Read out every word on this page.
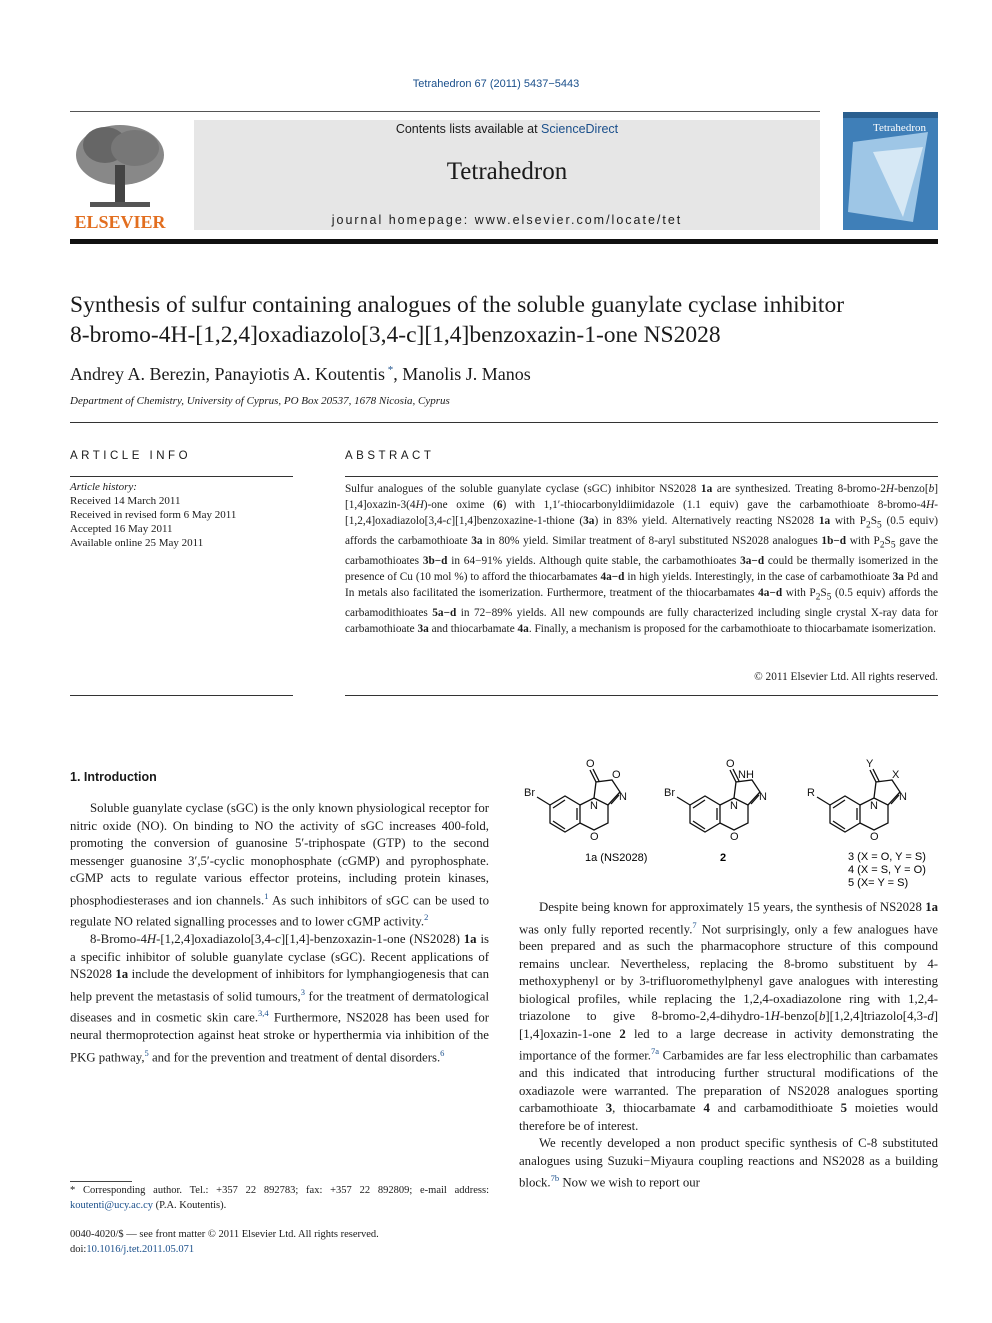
Tetrahedron 67 (2011) 5437−5443
ELSEVIER
Contents lists available at ScienceDirect
Tetrahedron
journal homepage: www.elsevier.com/locate/tet
Tetrahedron
Synthesis of sulfur containing analogues of the soluble guanylate cyclase inhibitor
8-bromo-4H-[1,2,4]oxadiazolo[3,4-c][1,4]benzoxazin-1-one NS2028
Andrey A. Berezin, Panayiotis A. Koutentis *, Manolis J. Manos
Department of Chemistry, University of Cyprus, PO Box 20537, 1678 Nicosia, Cyprus
ARTICLE INFO
Article history:
Received 14 March 2011
Received in revised form 6 May 2011
Accepted 16 May 2011
Available online 25 May 2011
ABSTRACT
Sulfur analogues of the soluble guanylate cyclase (sGC) inhibitor NS2028 1a are synthesized. Treating 8-bromo-2H-benzo[b][1,4]oxazin-3(4H)-one oxime (6) with 1,1′-thiocarbonyldiimidazole (1.1 equiv) gave the carbamothioate 8-bromo-4H-[1,2,4]oxadiazolo[3,4-c][1,4]benzoxazine-1-thione (3a) in 83% yield. Alternatively reacting NS2028 1a with $P_2S_5$ (0.5 equiv) affords the carbamothioate 3a in 80% yield. Similar treatment of 8-aryl substituted NS2028 analogues 1b−d with $P_2S_5$ gave the carbamothioates 3b−d in 64−91% yields. Although quite stable, the carbamothioates 3a−d could be thermally isomerized in the presence of Cu (10 mol %) to afford the thiocarbamates 4a−d in high yields. Interestingly, in the case of carbamothioate 3a Pd and In metals also facilitated the isomerization. Furthermore, treatment of the thiocarbamates 4a−d with $P_2S_5$ (0.5 equiv) affords the carbamodithioates 5a−d in 72−89% yields. All new compounds are fully characterized including single crystal X-ray data for carbamothioate 3a and thiocarbamate 4a. Finally, a mechanism is proposed for the carbamothioate to thiocarbamate isomerization.
© 2011 Elsevier Ltd. All rights reserved.
1. Introduction

Soluble guanylate cyclase (sGC) is the only known physiological receptor for nitric oxide (NO). On binding to NO the activity of sGC increases 400-fold, promoting the conversion of guanosine 5′-triphospate (GTP) to the second messenger guanosine 3′,5′-cyclic monophosphate (cGMP) and pyrophosphate. cGMP acts to regulate various effector proteins, including protein kinases, phosphodiesterases and ion channels.$^1$ As such inhibitors of sGC can be used to regulate NO related signalling processes and to lower cGMP activity.$^2$

8-Bromo-4H-[1,2,4]oxadiazolo[3,4-c][1,4]-benzoxazin-1-one (NS2028) 1a is a specific inhibitor of soluble guanylate cyclase (sGC). Recent applications of NS2028 1a include the development of inhibitors for lymphangiogenesis that can help prevent the metastasis of solid tumours,$^3$ for the treatment of dermatological diseases and in cosmetic skin care.$^{3,4}$ Furthermore, NS2028 has been used for neural thermoprotection against heat stroke or hyperthermia via inhibition of the PKG pathway,$^5$ and for the prevention and treatment of dental disorders.$^6$

Br
O
O
N
N
O
Br
O
NH
N
N
O
R
Y
X
N
N
O
1a (NS2028)	2	3 (X = O, Y = S)
4 (X = S, Y = O)
5 (X= Y = S)

Despite being known for approximately 15 years, the synthesis of NS2028 1a was only fully reported recently.$^7$ Not surprisingly, only a few analogues have been prepared and as such the pharmacophore structure of this compound remains unclear. Nevertheless, replacing the 8-bromo substituent by 4-methoxyphenyl or by 3-trifluoromethylphenyl gave analogues with interesting biological profiles, while replacing the 1,2,4-oxadiazolone ring with 1,2,4-triazolone to give 8-bromo-2,4-dihydro-1H-benzo[b][1,2,4]triazolo[4,3-d][1,4]oxazin-1-one 2 led to a large decrease in activity demonstrating the importance of the former.$^{7a}$ Carbamides are far less electrophilic than carbamates and this indicated that introducing further structural modifications of the oxadiazole were warranted. The preparation of NS2028 analogues sporting carbamothioate 3, thiocarbamate 4 and carbamodithioate 5 moieties would therefore be of interest.

We recently developed a non product specific synthesis of C-8 substituted analogues using Suzuki−Miyaura coupling reactions and NS2028 as a building block.$^{7b}$ Now we wish to report our

* Corresponding author. Tel.: +357 22 892783; fax: +357 22 892809; e-mail address: koutenti@ucy.ac.cy (P.A. Koutentis).
0040-4020/$ — see front matter © 2011 Elsevier Ltd. All rights reserved.
doi:10.1016/j.tet.2011.05.071
